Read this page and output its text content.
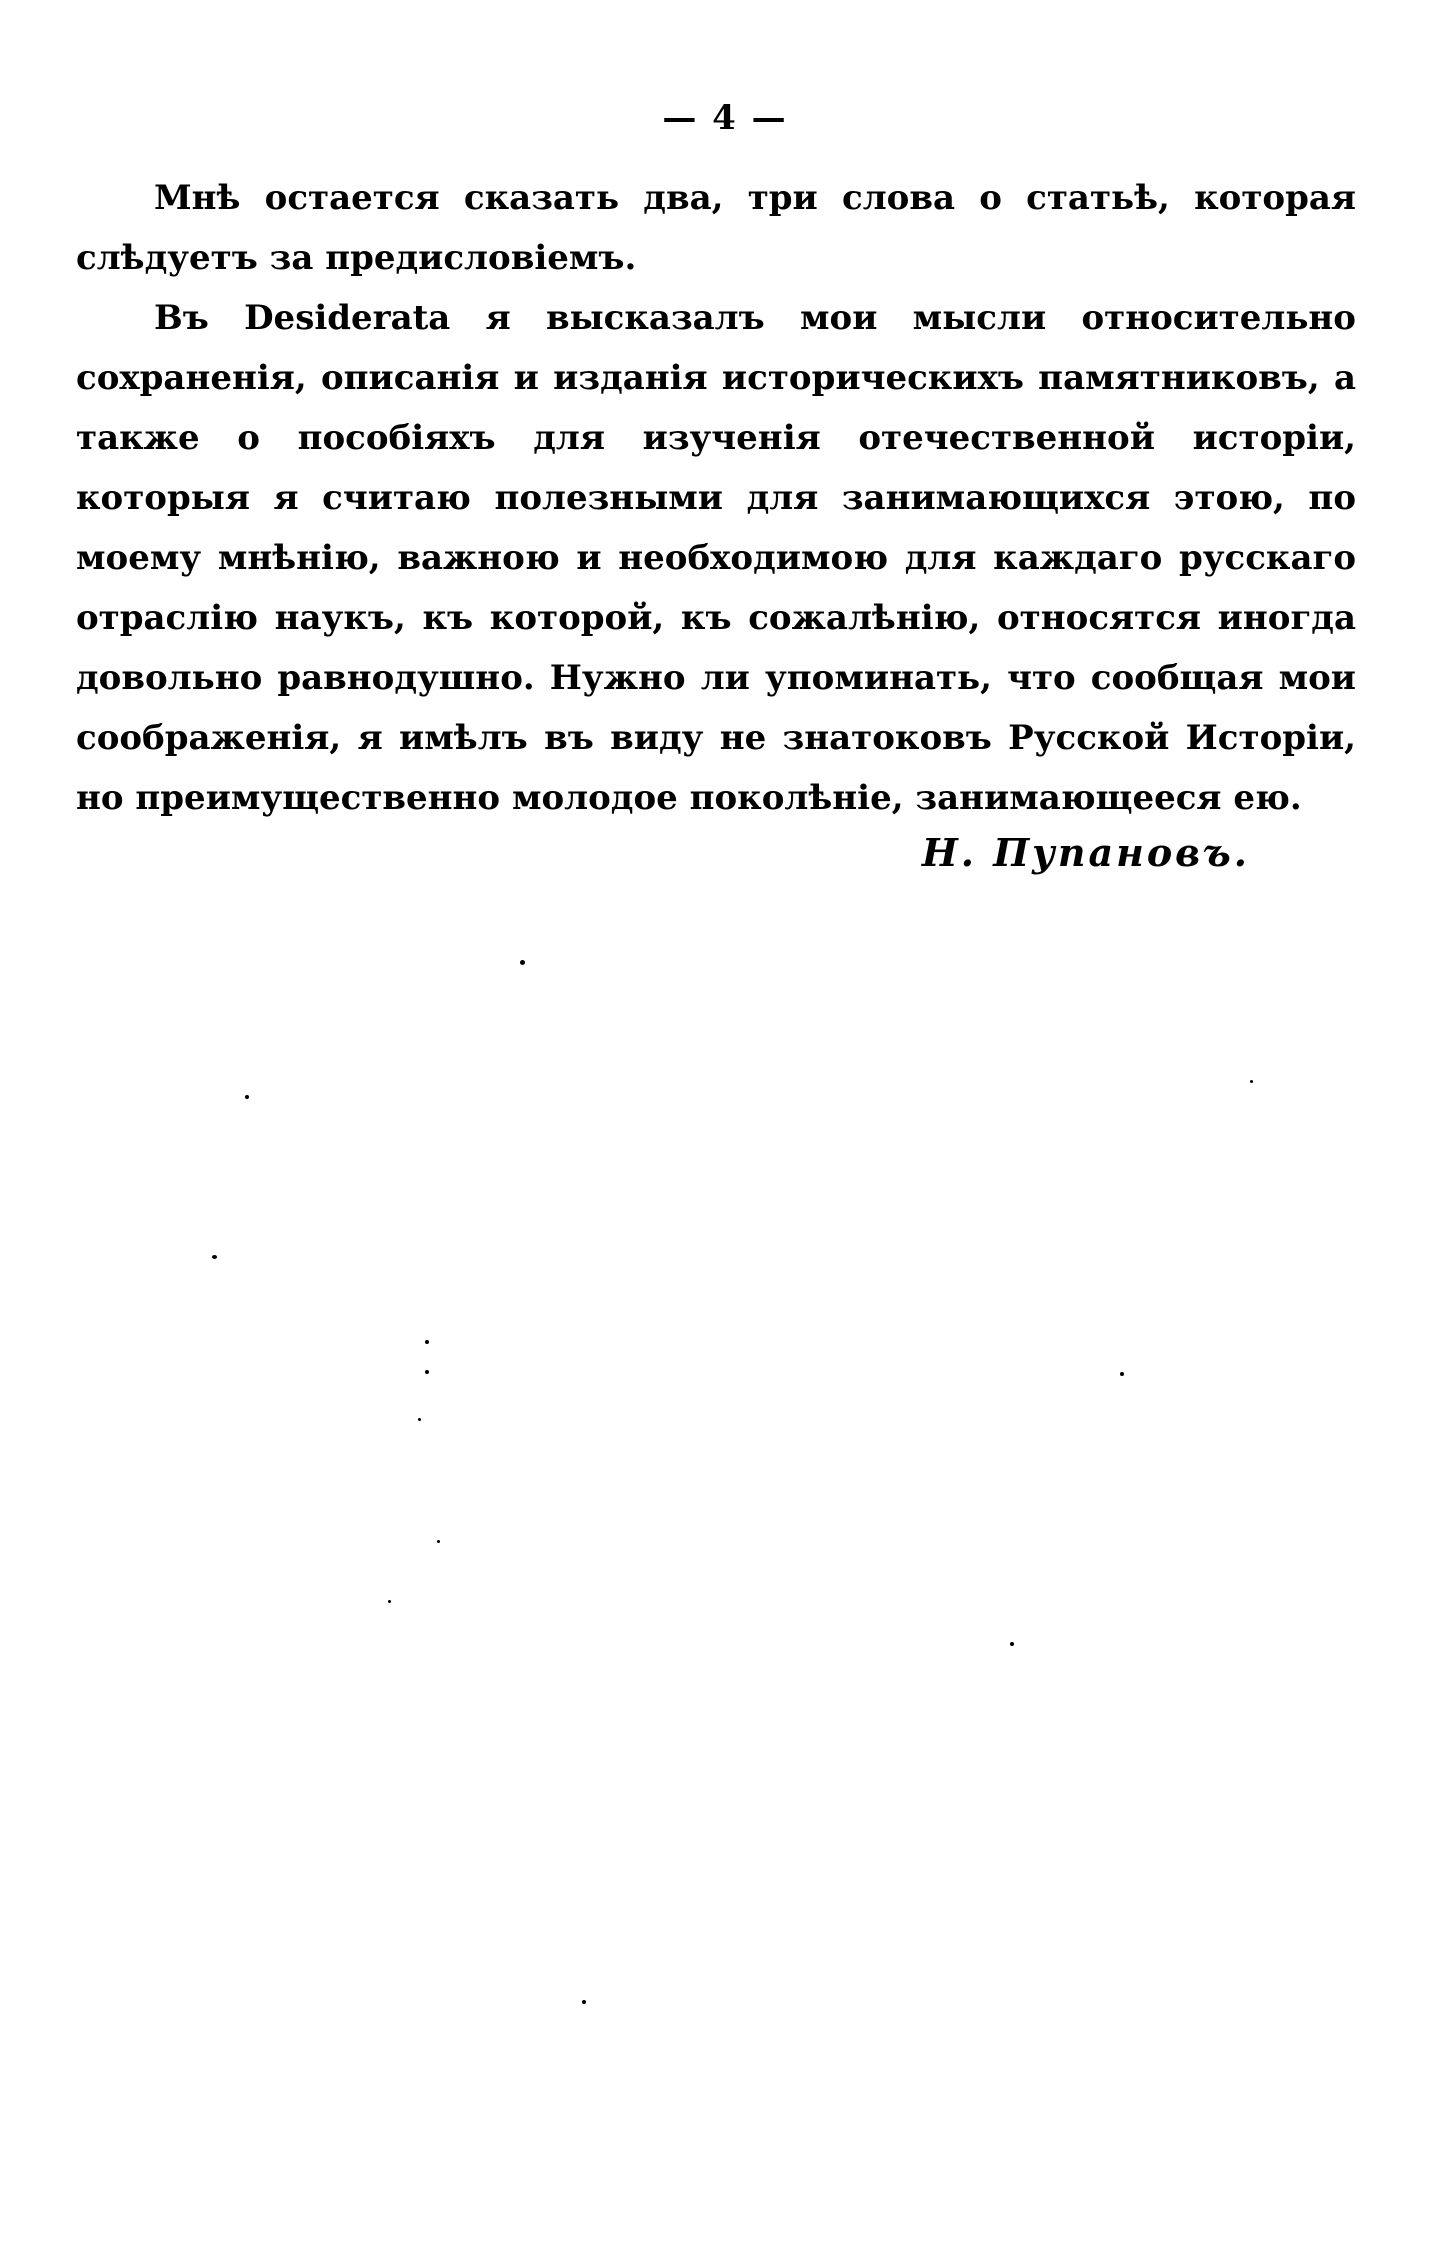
— 4 —

Мнѣ остается сказать два, три слова о статьѣ, которая слѣдуетъ за предисловіемъ.

Въ Desiderata я высказалъ мои мысли относительно сохраненія, описанія и изданія историческихъ памятниковъ, а также о пособіяхъ для изученія отечественной исторіи, которыя я считаю полезными для занимающихся этою, по моему мнѣнію, важною и необходимою для каждаго русскаго отраслію наукъ, къ которой, къ сожалѣнію, относятся иногда довольно равнодушно. Нужно ли упоминать, что сообщая мои соображенія, я имѣлъ въ виду не знатоковъ Русской Исторіи, но преимущественно молодое поколѣніе, занимающееся ею.

Н. Пупановъ.
